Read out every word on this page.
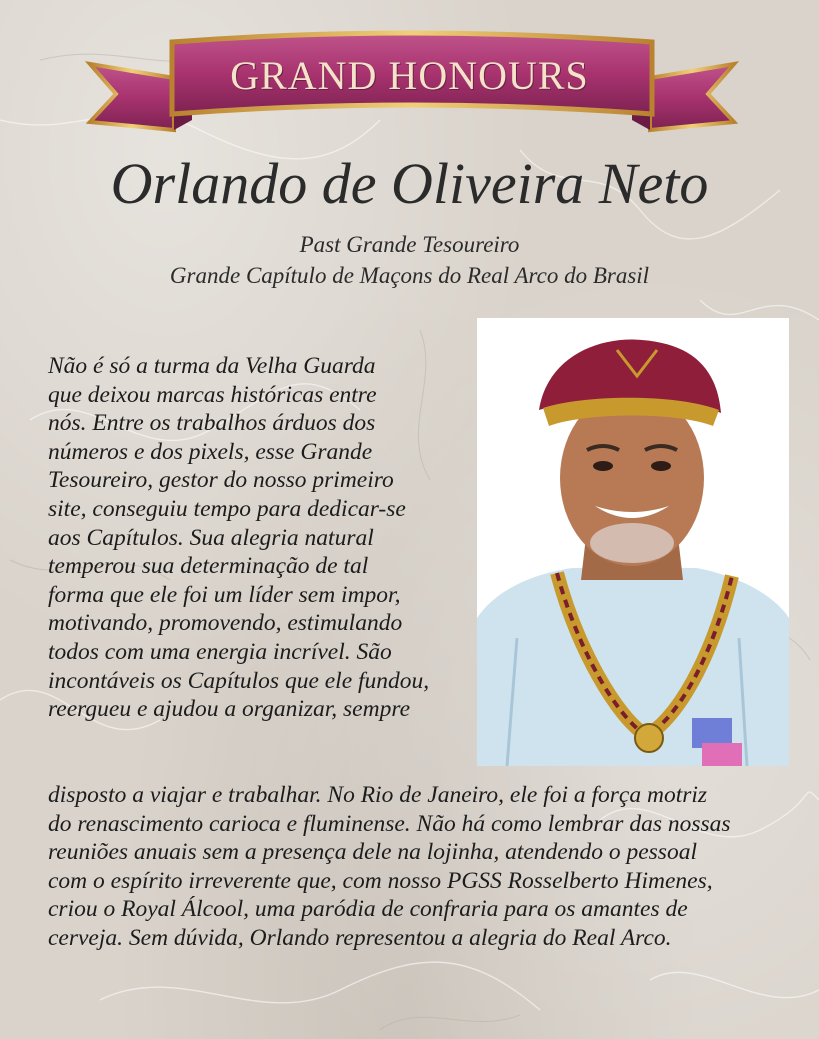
GRAND HONOURS
Orlando de Oliveira Neto
Past Grande Tesoureiro
Grande Capítulo de Maçons do Real Arco do Brasil
Não é só a turma da Velha Guarda
que deixou marcas históricas entre
nós. Entre os trabalhos árduos dos
números e dos pixels, esse Grande
Tesoureiro, gestor do nosso primeiro
site, conseguiu tempo para dedicar-se
aos Capítulos. Sua alegria natural
temperou sua determinação de tal
forma que ele foi um líder sem impor,
motivando, promovendo, estimulando
todos com uma energia incrível. São
incontáveis os Capítulos que ele fundou,
reergueu e ajudou a organizar, sempre
disposto a viajar e trabalhar. No Rio de Janeiro, ele foi a força motriz
do renascimento carioca e fluminense. Não há como lembrar das nossas
reuniões anuais sem a presença dele na lojinha, atendendo o pessoal
com o espírito irreverente que, com nosso PGSS Rosselberto Himenes,
criou o Royal Álcool, uma paródia de confraria para os amantes de
cerveja. Sem dúvida, Orlando representou a alegria do Real Arco.
